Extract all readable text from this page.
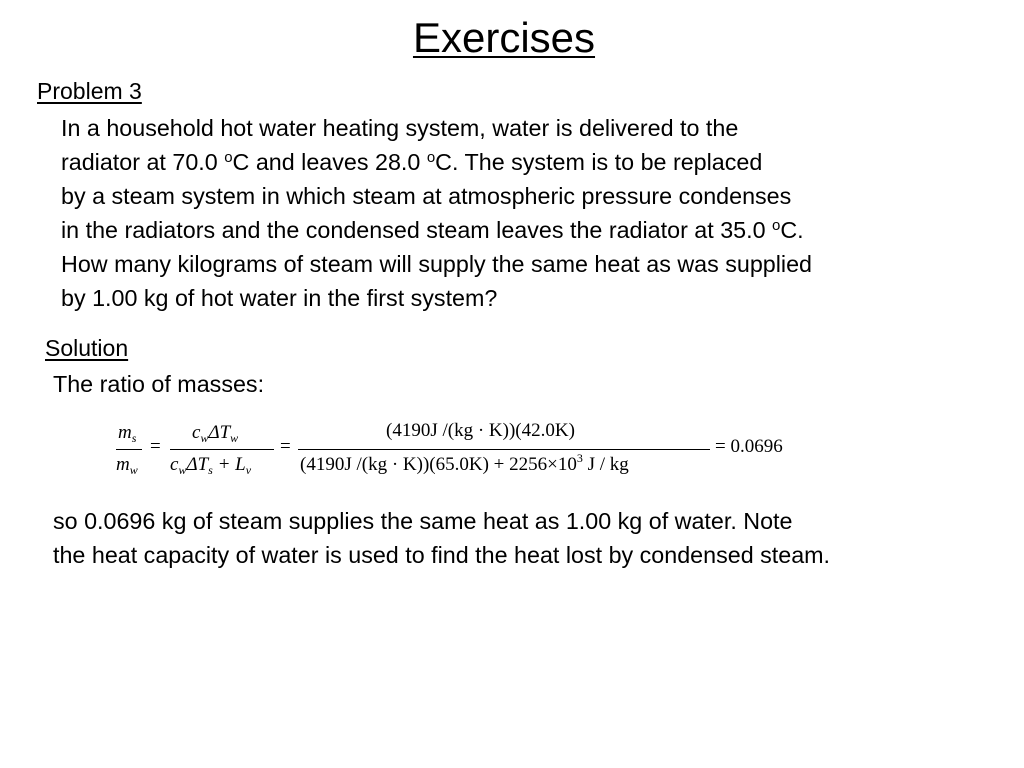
Exercises
Problem 3
In a household hot water heating system, water is delivered to the
radiator at 70.0 $^o$C and leaves 28.0 $^o$C. The system is to be replaced
by a steam system in which steam at atmospheric pressure condenses
in the radiators and the condensed steam leaves the radiator at 35.0 $^o$C.
How many kilograms of steam will supply the same heat as was supplied
by 1.00 kg of hot water in the first system?
Solution
The ratio of masses:
$m_s$
$m_w$
=
$c_w\Delta T_w$
$c_w\Delta T_s + L_v$
=
(4190J /(kg · K))(42.0K)
(4190J $/(kg \cdot K))(65.0K) + 2256\times 10^3$ J / kg
= 0.0696
so 0.0696 kg of steam supplies the same heat as 1.00 kg of water. Note
the heat capacity of water is used to find the heat lost by condensed steam.
